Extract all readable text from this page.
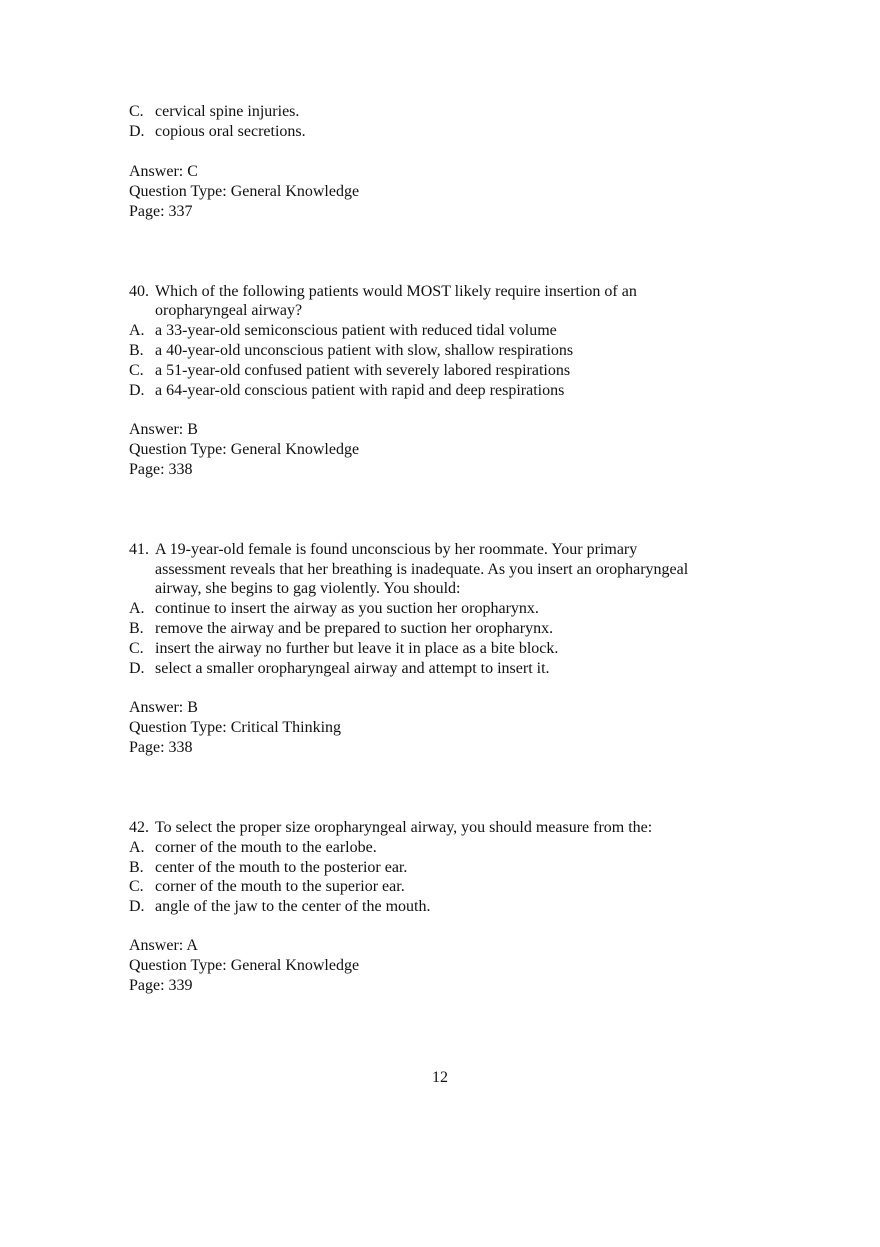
C. cervical spine injuries.
D. copious oral secretions.
Answer: C
Question Type: General Knowledge
Page: 337
40. Which of the following patients would MOST likely require insertion of an
oropharyngeal airway?
A. a 33-year-old semiconscious patient with reduced tidal volume
B. a 40-year-old unconscious patient with slow, shallow respirations
C. a 51-year-old confused patient with severely labored respirations
D. a 64-year-old conscious patient with rapid and deep respirations
Answer: B
Question Type: General Knowledge
Page: 338
41. A 19-year-old female is found unconscious by her roommate. Your primary
assessment reveals that her breathing is inadequate. As you insert an oropharyngeal
airway, she begins to gag violently. You should:
A. continue to insert the airway as you suction her oropharynx.
B. remove the airway and be prepared to suction her oropharynx.
C. insert the airway no further but leave it in place as a bite block.
D. select a smaller oropharyngeal airway and attempt to insert it.
Answer: B
Question Type: Critical Thinking
Page: 338
42. To select the proper size oropharyngeal airway, you should measure from the:
A. corner of the mouth to the earlobe.
B. center of the mouth to the posterior ear.
C. corner of the mouth to the superior ear.
D. angle of the jaw to the center of the mouth.
Answer: A
Question Type: General Knowledge
Page: 339
12
